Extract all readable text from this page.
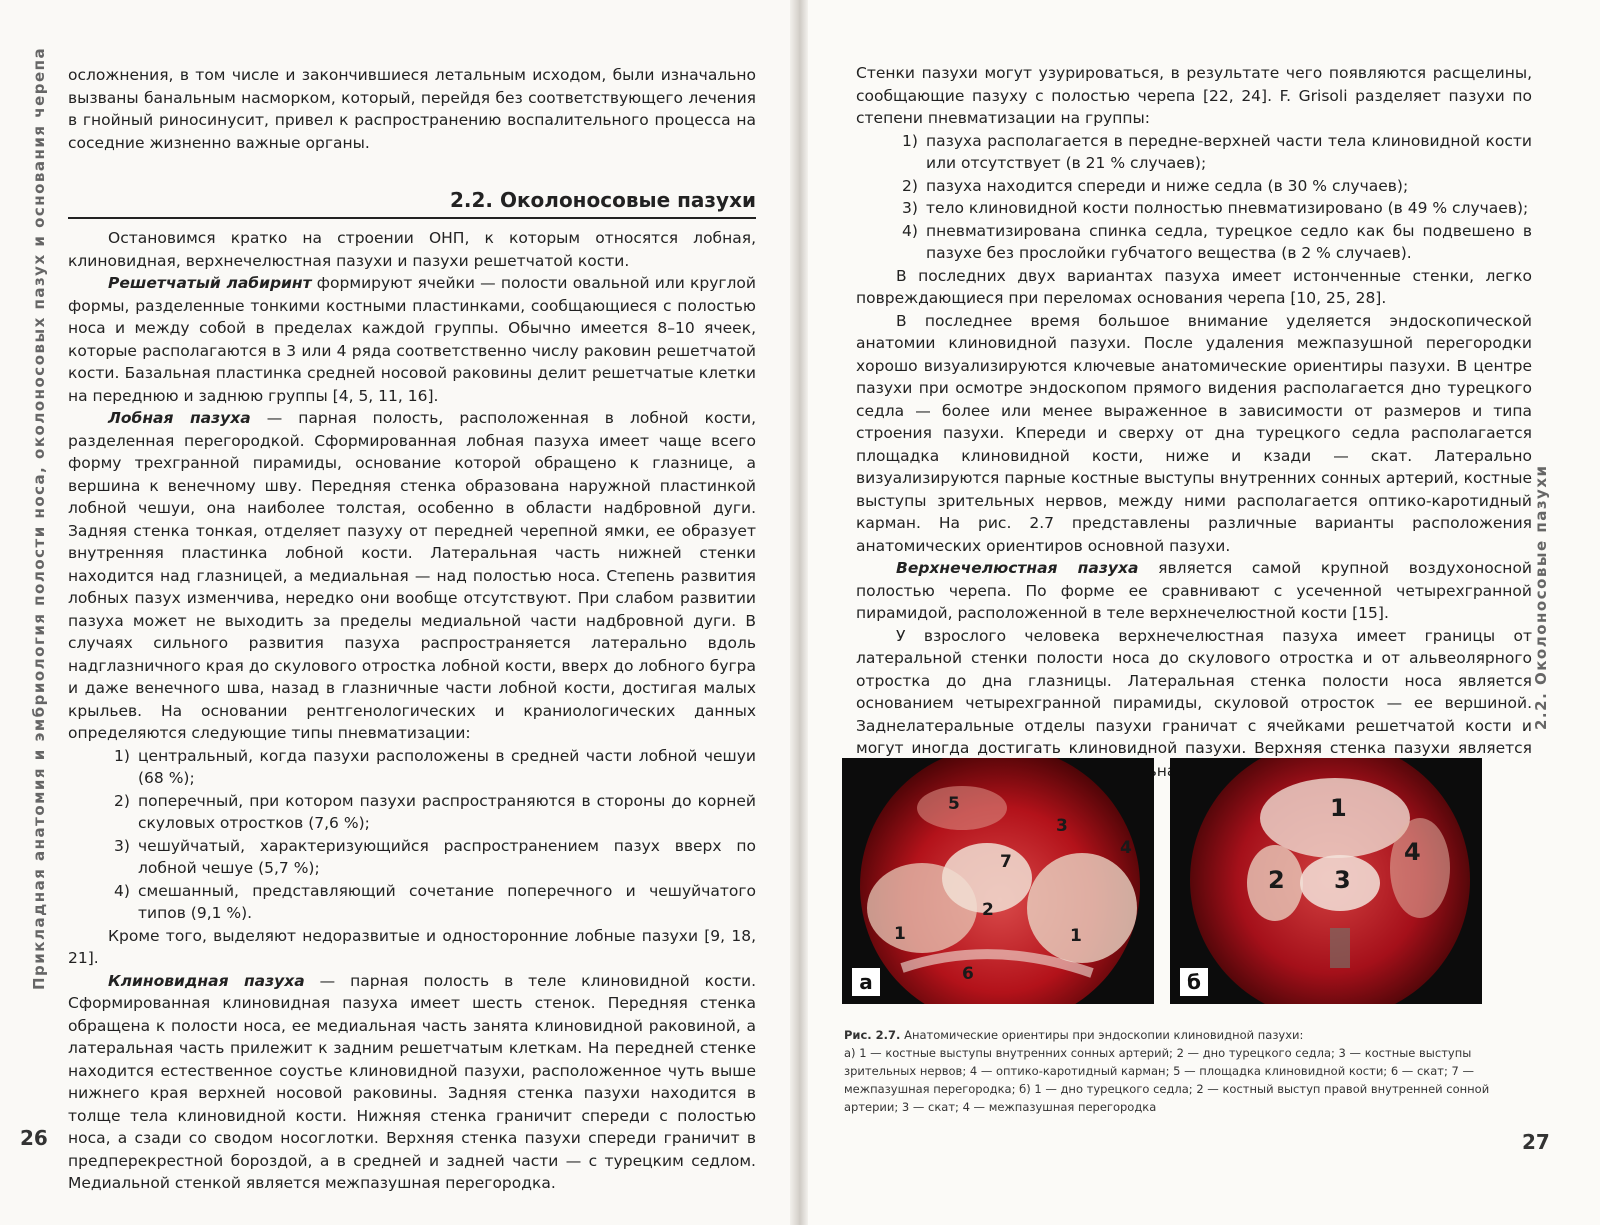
Прикладная анатомия и эмбриология полости носа, околоносовых пазух и основания черепа осложнения, в том числе и закончившиеся летальным исходом, были изначально вызваны банальным насморком, который, перейдя без соответствующего лечения в гнойный риносинусит, привел к распространению воспалительного процесса на соседние жизненно важные органы.

2.2. Околоносовые пазухи

Остановимся кратко на строении ОНП, к которым относятся лобная, клиновидная, верхнечелюстная пазухи и пазухи решетчатой кости.

Решетчатый лабиринт формируют ячейки — полости овальной или круглой формы, разделенные тонкими костными пластинками, сообщающиеся с полостью носа и между собой в пределах каждой группы. Обычно имеется 8–10 ячеек, которые располагаются в 3 или 4 ряда соответственно числу раковин решетчатой кости. Базальная пластинка средней носовой раковины делит решетчатые клетки на переднюю и заднюю группы [4, 5, 11, 16].

Лобная пазуха — парная полость, расположенная в лобной кости, разделенная перегородкой. Сформированная лобная пазуха имеет чаще всего форму трехгранной пирамиды, основание которой обращено к глазнице, а вершина к венечному шву. Передняя стенка образована наружной пластинкой лобной чешуи, она наиболее толстая, особенно в области надбровной дуги. Задняя стенка тонкая, отделяет пазуху от передней черепной ямки, ее образует внутренняя пластинка лобной кости. Латеральная часть нижней стенки находится над глазницей, а медиальная — над полостью носа. Степень развития лобных пазух изменчива, нередко они вообще отсутствуют. При слабом развитии пазуха может не выходить за пределы медиальной части надбровной дуги. В случаях сильного развития пазуха распространяется латерально вдоль надглазничного края до скулового отростка лобной кости, вверх до лобного бугра и даже венечного шва, назад в глазничные части лобной кости, достигая малых крыльев. На основании рентгенологических и краниологических данных определяются следующие типы пневматизации:

1) центральный, когда пазухи расположены в средней части лобной чешуи (68 %);
2) поперечный, при котором пазухи распространяются в стороны до корней скуловых отростков (7,6 %);
3) чешуйчатый, характеризующийся распространением пазух вверх по лобной чешуе (5,7 %);
4) смешанный, представляющий сочетание поперечного и чешуйчатого типов (9,1 %).

Кроме того, выделяют недоразвитые и односторонние лобные пазухи [9, 18, 21].

Клиновидная пазуха — парная полость в теле клиновидной кости. Сформированная клиновидная пазуха имеет шесть стенок. Передняя стенка обращена к полости носа, ее медиальная часть занята клиновидной раковиной, а латеральная часть прилежит к задним решетчатым клеткам. На передней стенке находится естественное соустье клиновидной пазухи, расположенное чуть выше нижнего края верхней носовой раковины. Задняя стенка пазухи находится в толще тела клиновидной кости. Нижняя стенка граничит спереди с полостью носа, а сзади со сводом носоглотки. Верхняя стенка пазухи спереди граничит в предперекрестной бороздой, а в средней и задней части — с турецким седлом. Медиальной стенкой является межпазушная перегородка.

26

Стенки пазухи могут узурироваться, в результате чего появляются расщелины, сообщающие пазуху с полостью черепа [22, 24]. F. Grisoli разделяет пазухи по степени пневматизации на группы:

1) пазуха располагается в передне-верхней части тела клиновидной кости или отсутствует (в 21 % случаев);
2) пазуха находится спереди и ниже седла (в 30 % случаев);
3) тело клиновидной кости полностью пневматизировано (в 49 % случаев);
4) пневматизирована спинка седла, турецкое седло как бы подвешено в пазухе без прослойки губчатого вещества (в 2 % случаев).

В последних двух вариантах пазуха имеет истонченные стенки, легко повреждающиеся при переломах основания черепа [10, 25, 28].

В последнее время большое внимание уделяется эндоскопической анатомии клиновидной пазухи. После удаления межпазушной перегородки хорошо визуализируются ключевые анатомические ориентиры пазухи. В центре пазухи при осмотре эндоскопом прямого видения располагается дно турецкого седла — более или менее выраженное в зависимости от размеров и типа строения пазухи. Кпереди и сверху от дна турецкого седла располагается площадка клиновидной кости, ниже и кзади — скат. Латерально визуализируются парные костные выступы внутренних сонных артерий, костные выступы зрительных нервов, между ними располагается оптико-каротидный карман. На рис. 2.7 представлены различные варианты расположения анатомических ориентиров основной пазухи.

Верхнечелюстная пазуха является самой крупной воздухоносной полостью черепа. По форме ее сравнивают с усеченной четырехгранной пирамидой, расположенной в теле верхнечелюстной кости [15].

У взрослого человека верхнечелюстная пазуха имеет границы от латеральной стенки полости носа до скулового отростка и от альвеолярного отростка до дна глазницы. Латеральная стенка полости носа является основанием четырехгранной пирамиды, скуловой отросток — ее вершиной. Заднелатеральные отделы пазухи граничат с ячейками решетчатой кости и могут иногда достигать клиновидной пазухи. Верхняя стенка пазухи является

2.2. Околоносовые пазухи
5
3
4
7
2
1	1
6
а
1
4
2 3
б
Рис. 2.7. Анатомические ориентиры при эндоскопии клиновидной пазухи:
а) 1 — костные выступы внутренних сонных артерий; 2 — дно турецкого седла; 3 — костные выступы зрительных нервов; 4 — оптико-каротидный карман; 5 — площадка клиновидной кости; 6 — скат; 7 — межпазушная перегородка; б) 1 — дно турецкого седла; 2 — костный выступ правой внутренней сонной артерии; 3 — скат; 4 — межпазушная перегородка
27
